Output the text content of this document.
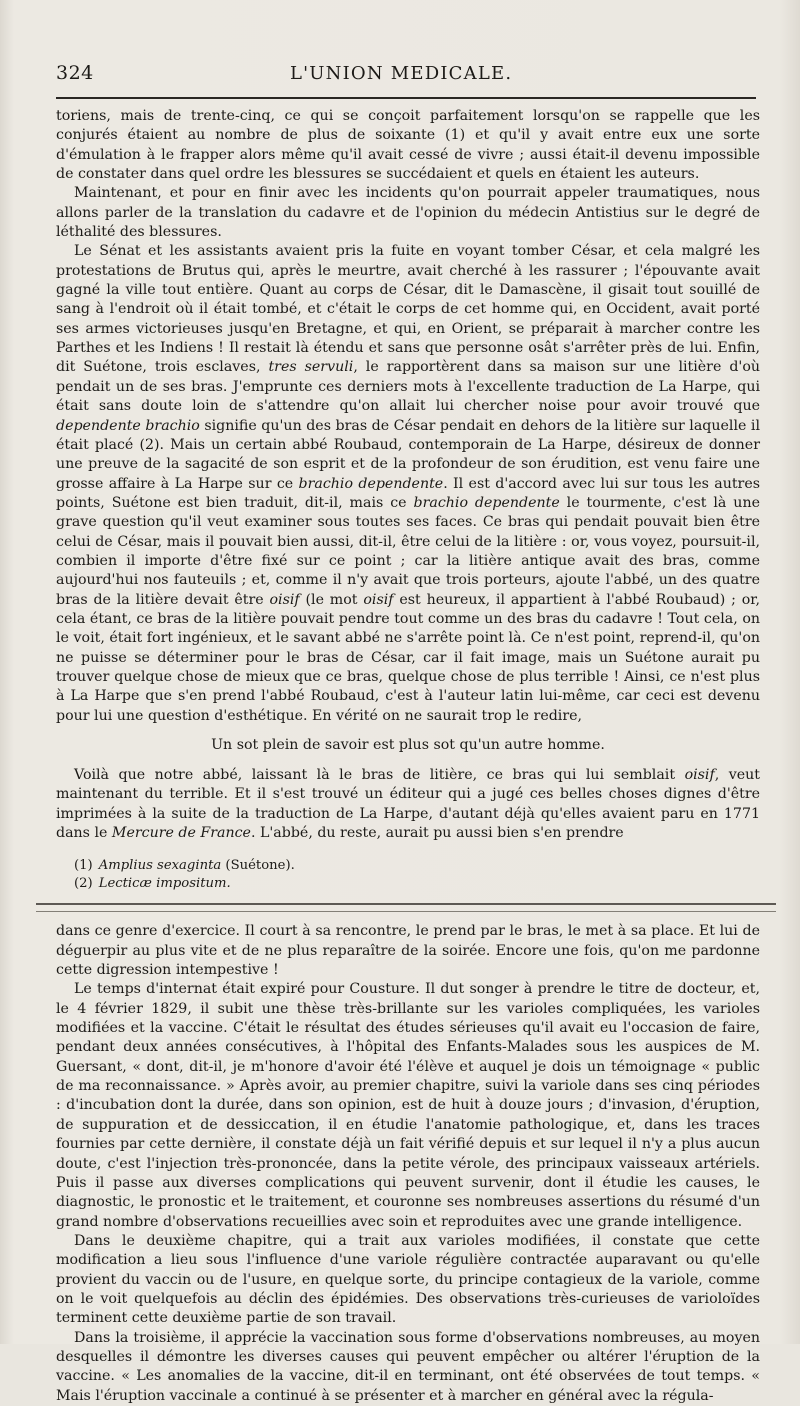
324	L'UNION MEDICALE.

toriens, mais de trente-cinq, ce qui se conçoit parfaitement lorsqu'on se rappelle que les conjurés étaient au nombre de plus de soixante (1) et qu'il y avait entre eux une sorte d'émulation à le frapper alors même qu'il avait cessé de vivre ; aussi était-il devenu impossible de constater dans quel ordre les blessures se succédaient et quels en étaient les auteurs.

Maintenant, et pour en finir avec les incidents qu'on pourrait appeler traumatiques, nous allons parler de la translation du cadavre et de l'opinion du médecin Antistius sur le degré de léthalité des blessures.

Le Sénat et les assistants avaient pris la fuite en voyant tomber César, et cela malgré les protestations de Brutus qui, après le meurtre, avait cherché à les rassurer ; l'épouvante avait gagné la ville tout entière. Quant au corps de César, dit le Damascène, il gisait tout souillé de sang à l'endroit où il était tombé, et c'était le corps de cet homme qui, en Occident, avait porté ses armes victorieuses jusqu'en Bretagne, et qui, en Orient, se préparait à marcher contre les Parthes et les Indiens ! Il restait là étendu et sans que personne osât s'arrêter près de lui. Enfin, dit Suétone, trois esclaves, tres servuli, le rapportèrent dans sa maison sur une litière d'où pendait un de ses bras. J'emprunte ces derniers mots à l'excellente traduction de La Harpe, qui était sans doute loin de s'attendre qu'on allait lui chercher noise pour avoir trouvé que dependente brachio signifie qu'un des bras de César pendait en dehors de la litière sur laquelle il était placé (2). Mais un certain abbé Roubaud, contemporain de La Harpe, désireux de donner une preuve de la sagacité de son esprit et de la profondeur de son érudition, est venu faire une grosse affaire à La Harpe sur ce brachio dependente. Il est d'accord avec lui sur tous les autres points, Suétone est bien traduit, dit-il, mais ce brachio dependente le tourmente, c'est là une grave question qu'il veut examiner sous toutes ses faces. Ce bras qui pendait pouvait bien être celui de César, mais il pouvait bien aussi, dit-il, être celui de la litière : or, vous voyez, poursuit-il, combien il importe d'être fixé sur ce point ; car la litière antique avait des bras, comme aujourd'hui nos fauteuils ; et, comme il n'y avait que trois porteurs, ajoute l'abbé, un des quatre bras de la litière devait être oisif (le mot oisif est heureux, il appartient à l'abbé Roubaud) ; or, cela étant, ce bras de la litière pouvait pendre tout comme un des bras du cadavre ! Tout cela, on le voit, était fort ingénieux, et le savant abbé ne s'arrête point là. Ce n'est point, reprend-il, qu'on ne puisse se déterminer pour le bras de César, car il fait image, mais un Suétone aurait pu trouver quelque chose de mieux que ce bras, quelque chose de plus terrible ! Ainsi, ce n'est plus à La Harpe que s'en prend l'abbé Roubaud, c'est à l'auteur latin lui-même, car ceci est devenu pour lui une question d'esthétique. En vérité on ne saurait trop le redire,

Un sot plein de savoir est plus sot qu'un autre homme.

Voilà que notre abbé, laissant là le bras de litière, ce bras qui lui semblait oisif, veut maintenant du terrible. Et il s'est trouvé un éditeur qui a jugé ces belles choses dignes d'être imprimées à la suite de la traduction de La Harpe, d'autant déjà qu'elles avaient paru en 1771 dans le Mercure de France. L'abbé, du reste, aurait pu aussi bien s'en prendre

(1) Amplius sexaginta (Suétone).
(2) Lecticæ impositum.

dans ce genre d'exercice. Il court à sa rencontre, le prend par le bras, le met à sa place. Et lui de déguerpir au plus vite et de ne plus reparaître de la soirée. Encore une fois, qu'on me pardonne cette digression intempestive !

Le temps d'internat était expiré pour Cousture. Il dut songer à prendre le titre de docteur, et, le 4 février 1829, il subit une thèse très-brillante sur les varioles compliquées, les varioles modifiées et la vaccine. C'était le résultat des études sérieuses qu'il avait eu l'occasion de faire, pendant deux années consécutives, à l'hôpital des Enfants-Malades sous les auspices de M. Guersant, « dont, dit-il, je m'honore d'avoir été l'élève et auquel je dois un témoignage « public de ma reconnaissance. » Après avoir, au premier chapitre, suivi la variole dans ses cinq périodes : d'incubation dont la durée, dans son opinion, est de huit à douze jours ; d'invasion, d'éruption, de suppuration et de dessiccation, il en étudie l'anatomie pathologique, et, dans les traces fournies par cette dernière, il constate déjà un fait vérifié depuis et sur lequel il n'y a plus aucun doute, c'est l'injection très-prononcée, dans la petite vérole, des principaux vaisseaux artériels. Puis il passe aux diverses complications qui peuvent survenir, dont il étudie les causes, le diagnostic, le pronostic et le traitement, et couronne ses nombreuses assertions du résumé d'un grand nombre d'observations recueillies avec soin et reproduites avec une grande intelligence.

Dans le deuxième chapitre, qui a trait aux varioles modifiées, il constate que cette modification a lieu sous l'influence d'une variole régulière contractée auparavant ou qu'elle provient du vaccin ou de l'usure, en quelque sorte, du principe contagieux de la variole, comme on le voit quelquefois au déclin des épidémies. Des observations très-curieuses de varioloïdes terminent cette deuxième partie de son travail.

Dans la troisième, il apprécie la vaccination sous forme d'observations nombreuses, au moyen desquelles il démontre les diverses causes qui peuvent empêcher ou altérer l'éruption de la vaccine. « Les anomalies de la vaccine, dit-il en terminant, ont été observées de tout temps. « Mais l'éruption vaccinale a continué à se présenter et à marcher en général avec la régula-
